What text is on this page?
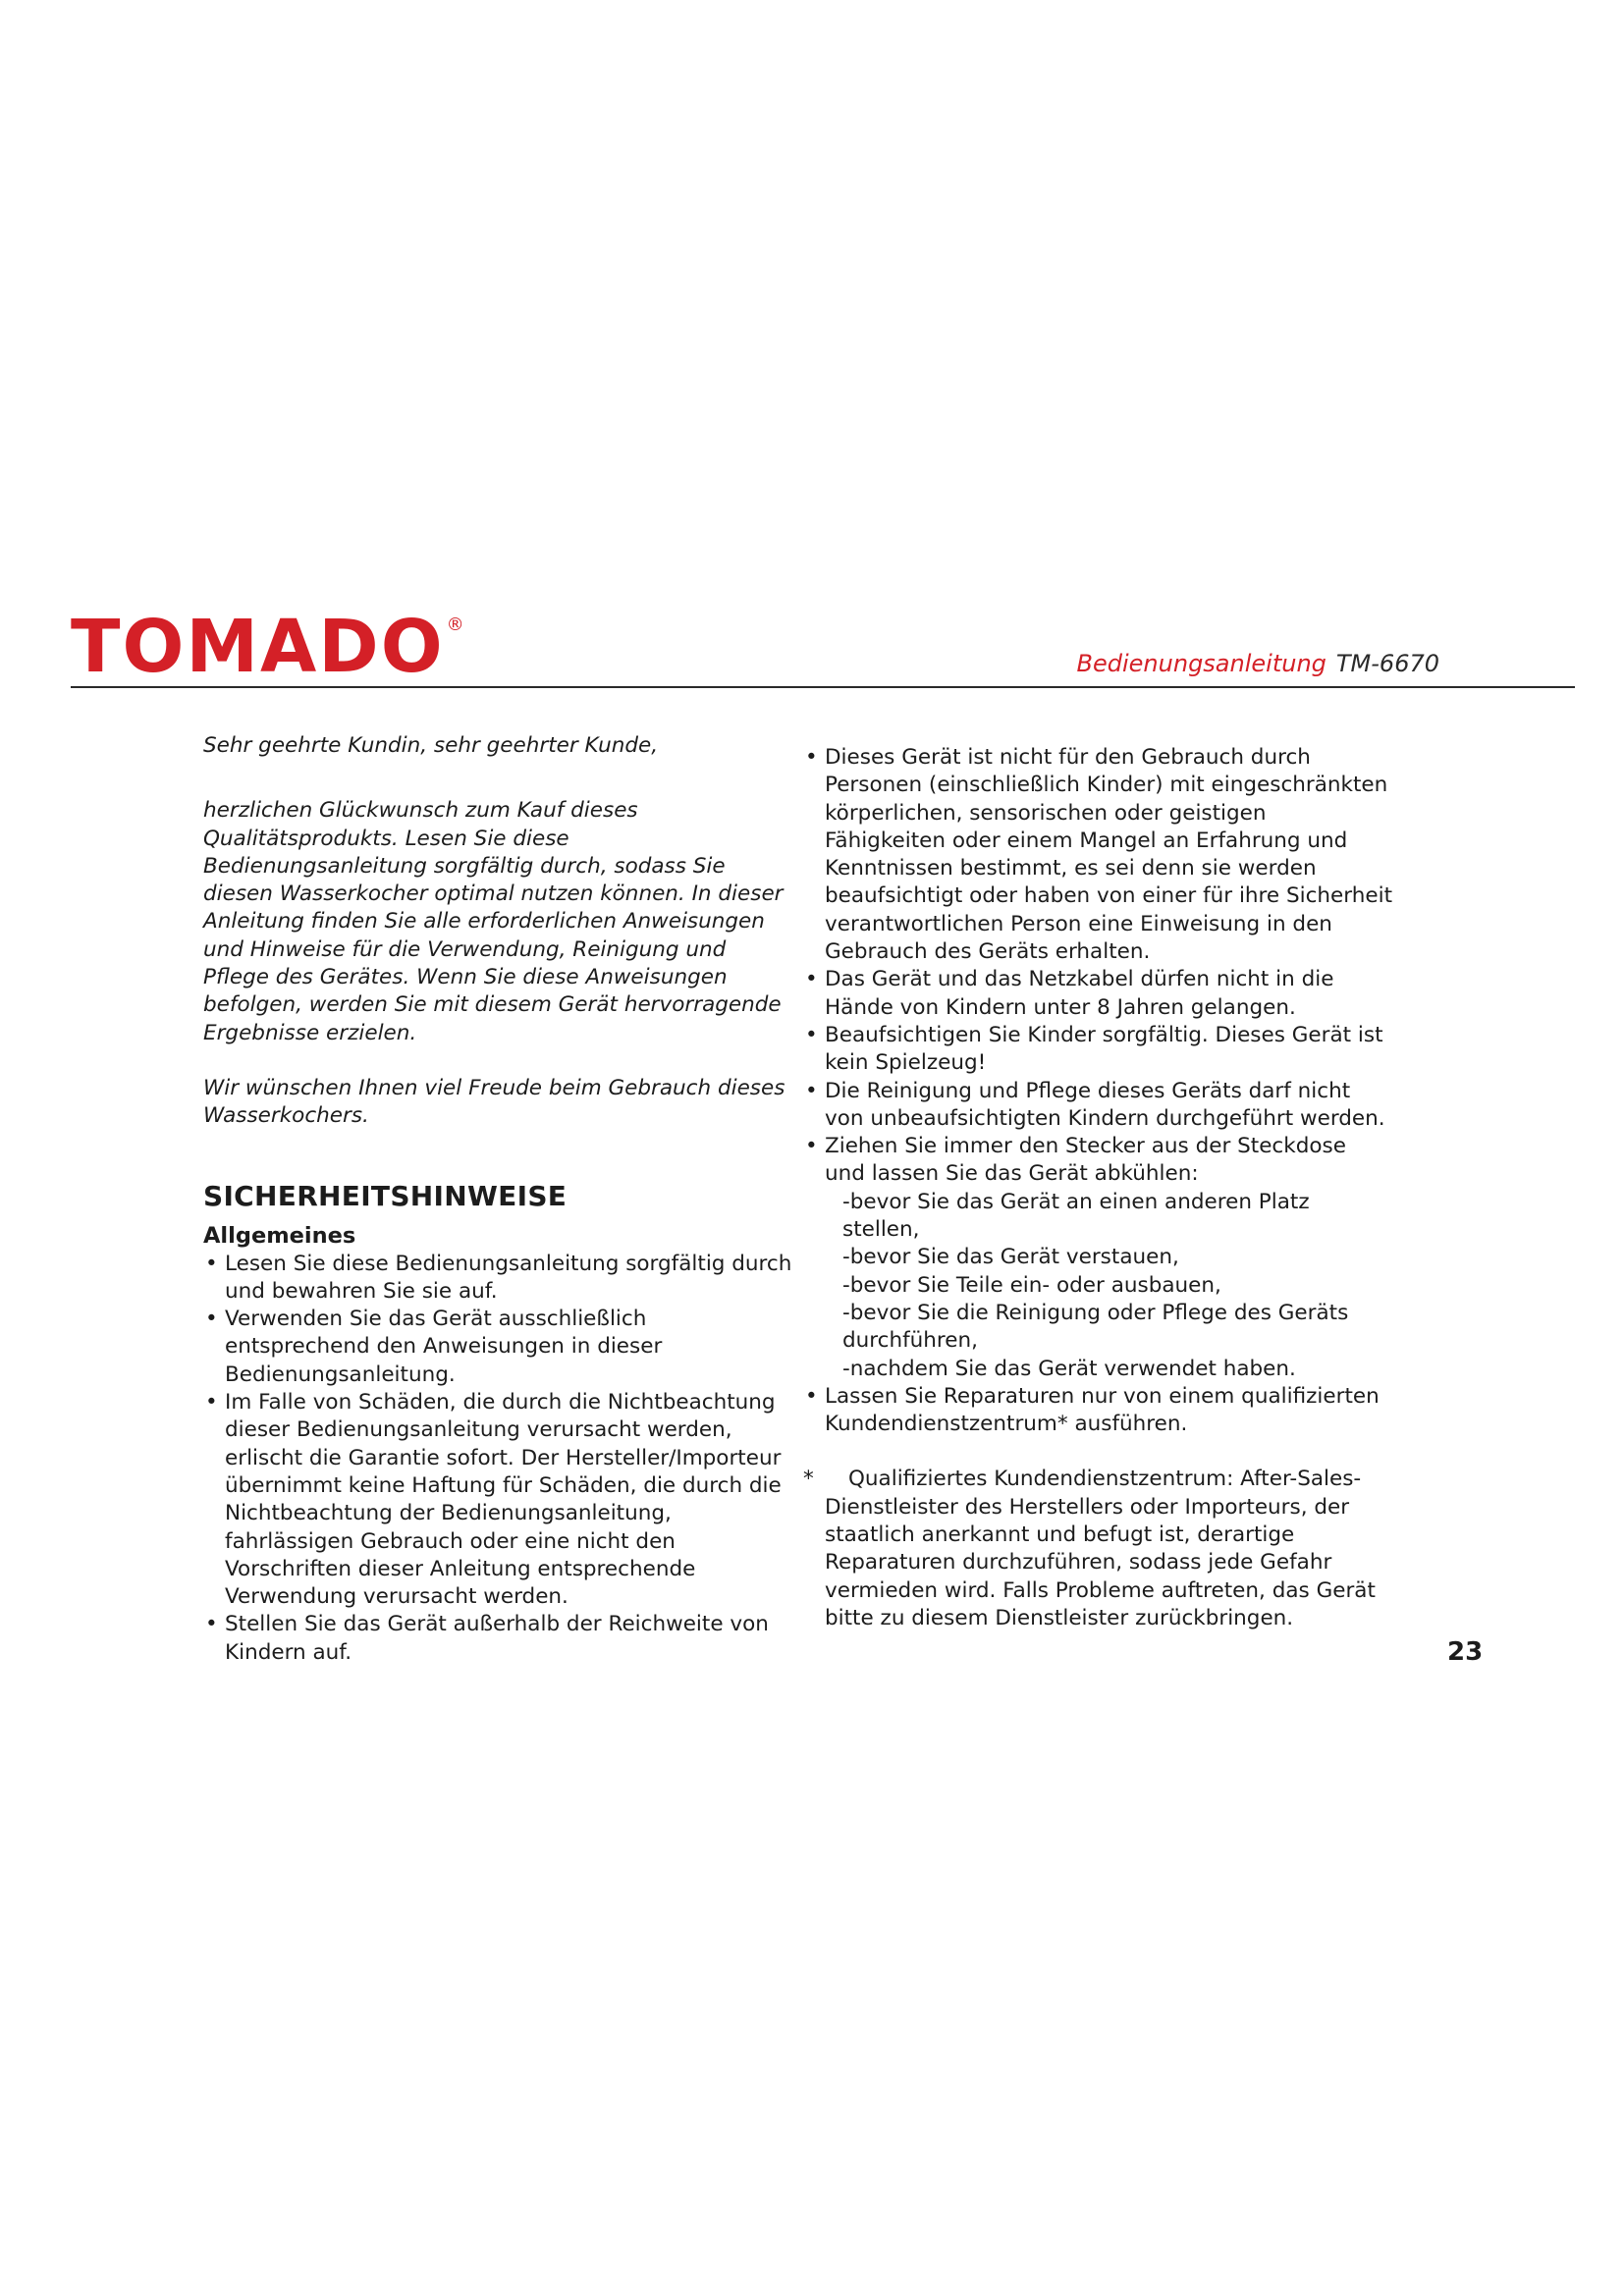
TOMADO ®
Bedienungsanleitung TM-6670

Sehr geehrte Kundin, sehr geehrter Kunde,

herzlichen Glückwunsch zum Kauf dieses Qualitätsprodukts. Lesen Sie diese Bedienungsanleitung sorgfältig durch, sodass Sie diesen Wasserkocher optimal nutzen können. In dieser Anleitung finden Sie alle erforderlichen Anweisungen und Hinweise für die Verwendung, Reinigung und Pflege des Gerätes. Wenn Sie diese Anweisungen befolgen, werden Sie mit diesem Gerät hervorragende Ergebnisse erzielen.

Wir wünschen Ihnen viel Freude beim Gebrauch dieses Wasserkochers.

SICHERHEITSHINWEISE
Allgemeines
• Lesen Sie diese Bedienungsanleitung sorgfältig durch und bewahren Sie sie auf.
• Verwenden Sie das Gerät ausschließlich entsprechend den Anweisungen in dieser Bedienungsanleitung.
• Im Falle von Schäden, die durch die Nichtbeachtung dieser Bedienungsanleitung verursacht werden, erlischt die Garantie sofort. Der Hersteller/Importeur übernimmt keine Haftung für Schäden, die durch die Nichtbeachtung der Bedienungsanleitung, fahrlässigen Gebrauch oder eine nicht den Vorschriften dieser Anleitung entsprechende Verwendung verursacht werden.
• Stellen Sie das Gerät außerhalb der Reichweite von Kindern auf.
• Dieses Gerät ist nicht für den Gebrauch durch Personen (einschließlich Kinder) mit eingeschränkten körperlichen, sensorischen oder geistigen Fähigkeiten oder einem Mangel an Erfahrung und Kenntnissen bestimmt, es sei denn sie werden beaufsichtigt oder haben von einer für ihre Sicherheit verantwortlichen Person eine Einweisung in den Gebrauch des Geräts erhalten.
• Das Gerät und das Netzkabel dürfen nicht in die Hände von Kindern unter 8 Jahren gelangen.
• Beaufsichtigen Sie Kinder sorgfältig. Dieses Gerät ist kein Spielzeug!
• Die Reinigung und Pflege dieses Geräts darf nicht von unbeaufsichtigten Kindern durchgeführt werden.
• Ziehen Sie immer den Stecker aus der Steckdose und lassen Sie das Gerät abkühlen:
-bevor Sie das Gerät an einen anderen Platz stellen,
-bevor Sie das Gerät verstauen,
-bevor Sie Teile ein- oder ausbauen,
-bevor Sie die Reinigung oder Pflege des Geräts durchführen,
-nachdem Sie das Gerät verwendet haben.
• Lassen Sie Reparaturen nur von einem qualifizierten Kundendienstzentrum* ausführen.
*	Qualifiziertes Kundendienstzentrum: After-Sales-Dienstleister des Herstellers oder Importeurs, der staatlich anerkannt und befugt ist, derartige Reparaturen durchzuführen, sodass jede Gefahr vermieden wird. Falls Probleme auftreten, das Gerät bitte zu diesem Dienstleister zurückbringen.
23
